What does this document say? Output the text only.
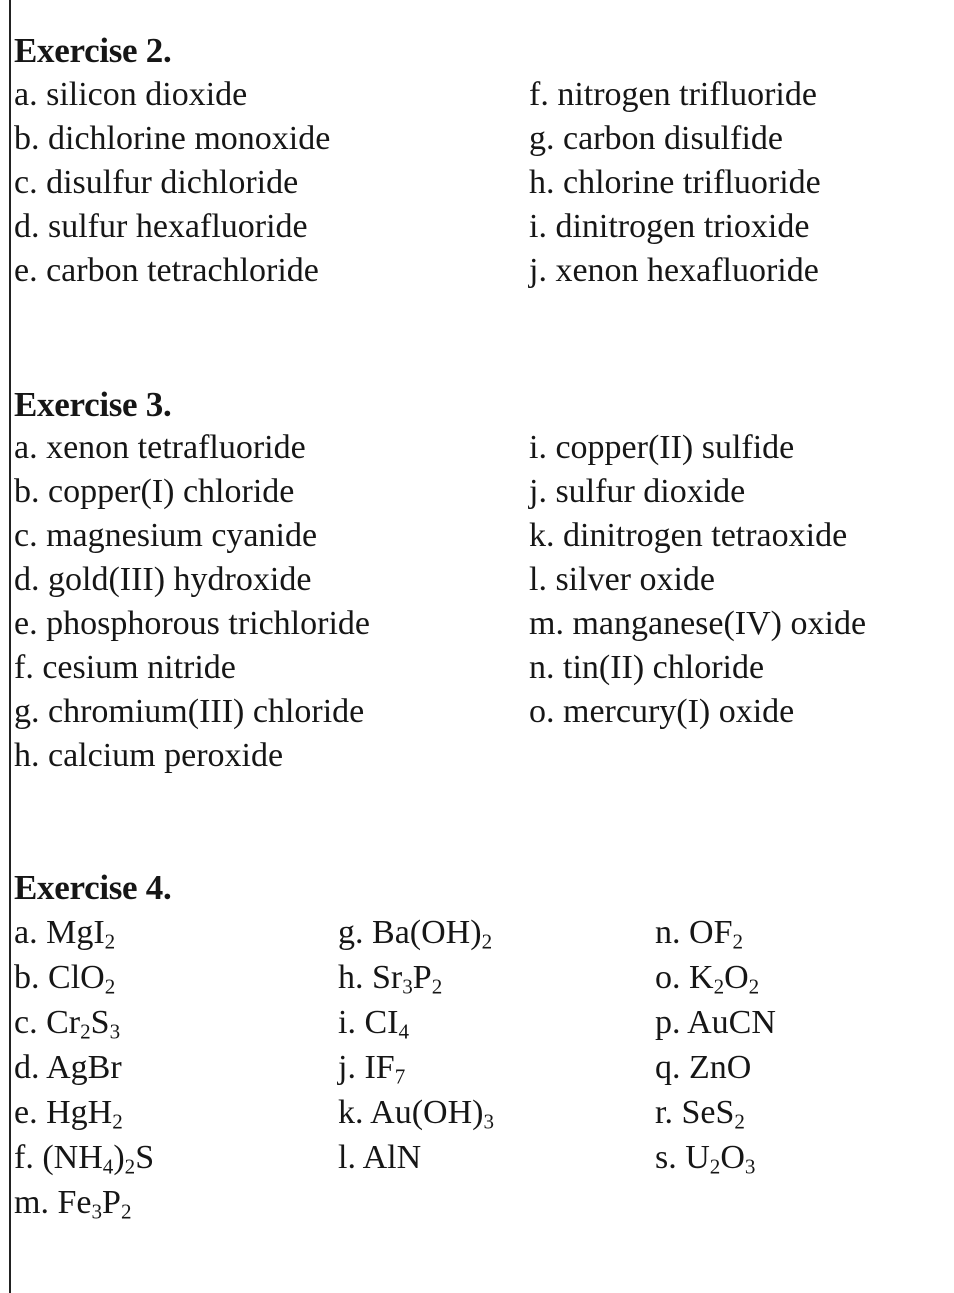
Exercise 2.
a. silicon dioxide
b. dichlorine monoxide
c. disulfur dichloride
d. sulfur hexafluoride
e. carbon tetrachloride
f. nitrogen trifluoride
g. carbon disulfide
h. chlorine trifluoride
i. dinitrogen trioxide
j. xenon hexafluoride
Exercise 3.
a. xenon tetrafluoride
b. copper(I) chloride
c. magnesium cyanide
d. gold(III) hydroxide
e. phosphorous trichloride
f. cesium nitride
g. chromium(III) chloride
h. calcium peroxide
i. copper(II) sulfide
j. sulfur dioxide
k. dinitrogen tetraoxide
l. silver oxide
m. manganese(IV) oxide
n. tin(II) chloride
o. mercury(I) oxide
Exercise 4.
a. MgI$_2$
b. ClO$_2$
c. $Cr_2S_3$
d. AgBr
e. HgH$_2$
f. $(NH_4)_2S$
m. $Fe_3P_2$
g. $Ba(OH)_2$
h. $Sr_3P_2$
i. $CI_4$
j. $IF_7$
k. $Au(OH)_3$
l. AlN
n. $OF_2$
o. $K_2O_2$
p. AuCN
q. ZnO
r. SeS$_2$
s. $U_2O_3$
